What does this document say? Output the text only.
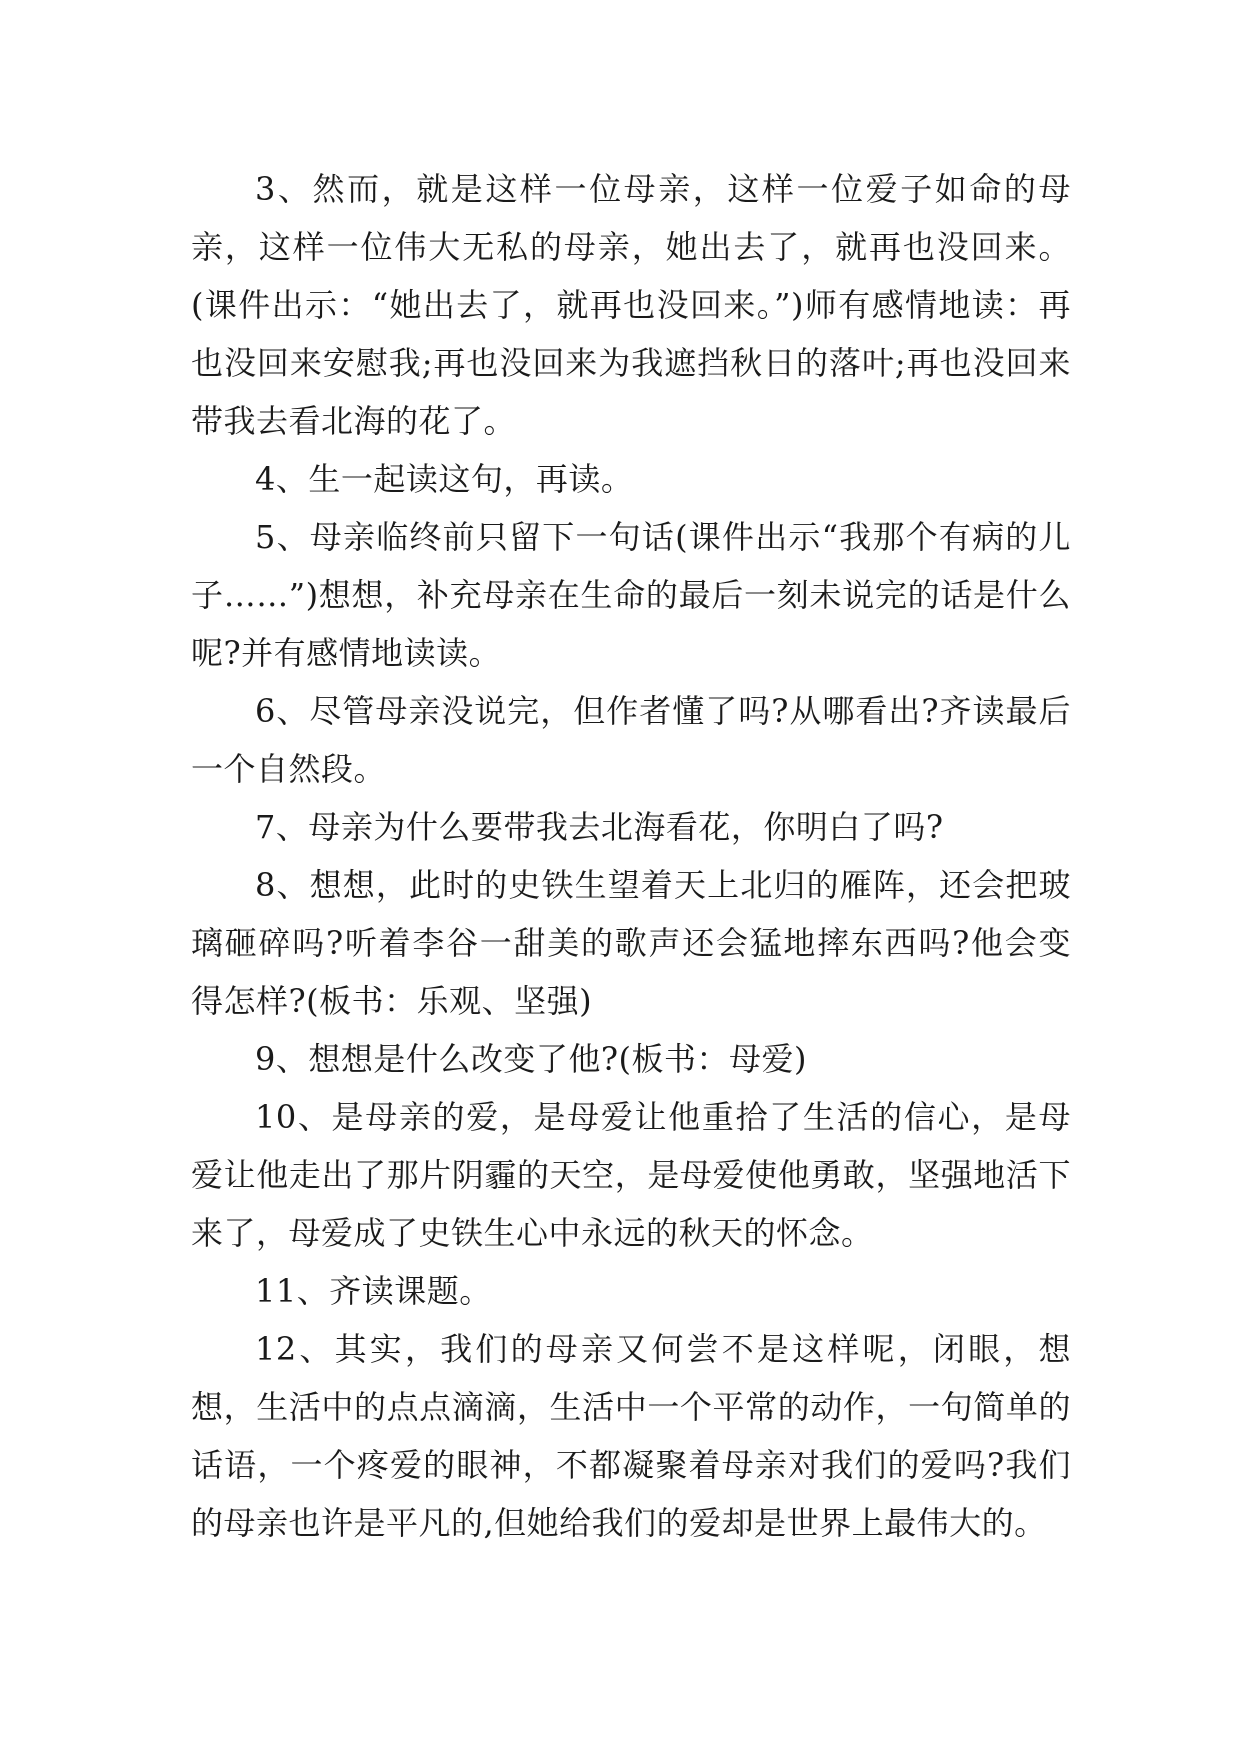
3、然而，就是这样一位母亲，这样一位爱子如命的母亲，这样一位伟大无私的母亲，她出去了，就再也没回来。(课件出示：“她出去了，就再也没回来。”)师有感情地读：再也没回来安慰我;再也没回来为我遮挡秋日的落叶;再也没回来带我去看北海的花了。

4、生一起读这句，再读。

5、母亲临终前只留下一句话(课件出示“我那个有病的儿子……”)想想，补充母亲在生命的最后一刻未说完的话是什么呢?并有感情地读读。

6、尽管母亲没说完，但作者懂了吗?从哪看出?齐读最后一个自然段。

7、母亲为什么要带我去北海看花，你明白了吗?

8、想想，此时的史铁生望着天上北归的雁阵，还会把玻璃砸碎吗?听着李谷一甜美的歌声还会猛地摔东西吗?他会变得怎样?(板书：乐观、坚强)

9、想想是什么改变了他?(板书：母爱)

10、是母亲的爱，是母爱让他重拾了生活的信心，是母爱让他走出了那片阴霾的天空，是母爱使他勇敢，坚强地活下来了，母爱成了史铁生心中永远的秋天的怀念。

11、齐读课题。

12、其实，我们的母亲又何尝不是这样呢，闭眼，想想，生活中的点点滴滴，生活中一个平常的动作，一句简单的话语，一个疼爱的眼神，不都凝聚着母亲对我们的爱吗?我们的母亲也许是平凡的,但她给我们的爱却是世界上最伟大的。
